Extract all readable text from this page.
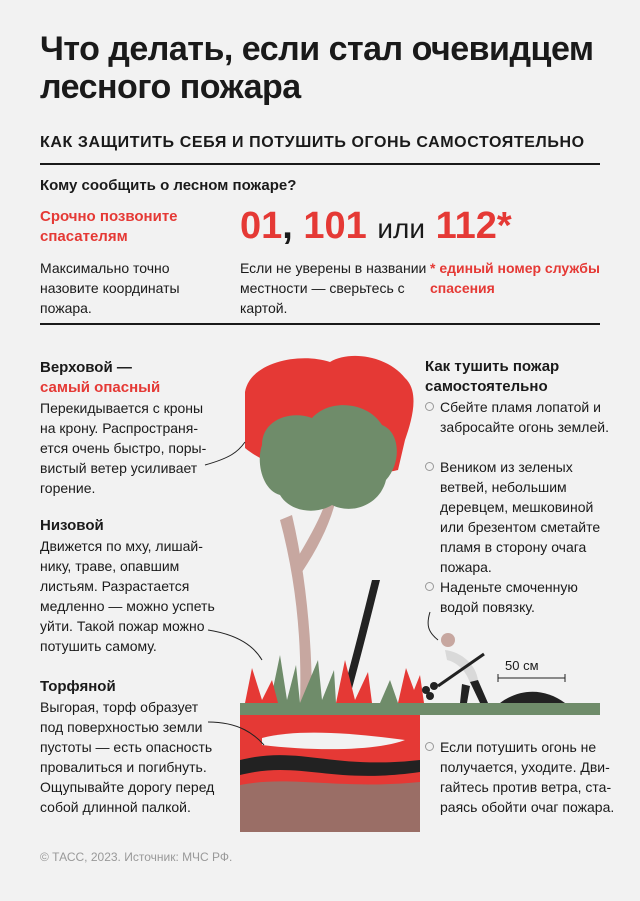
Что делать, если стал очевидцем лесного пожара
КАК ЗАЩИТИТЬ СЕБЯ И ПОТУШИТЬ ОГОНЬ САМОСТОЯТЕЛЬНО
Кому сообщить о лесном пожаре?
Срочно позвоните спасателям	01, 101 или 112*
Максимально точно назовите координаты пожара.
Если не уверены в названии местности — сверьтесь с картой.
* единый номер службы спасения
Верховой —
самый опасный
Перекидывается с кроны на крону. Распространяется очень быстро, порывистый ветер усиливает горение.
Низовой
Движется по мху, лишайнику, траве, опавшим листьям. Разрастается медленно — можно успеть уйти. Такой пожар можно потушить самому.
Торфяной
Выгорая, торф образует под поверхностью земли пустоты — есть опасность провалиться и погибнуть. Ощупывайте дорогу перед собой длинной палкой.
Как тушить пожар самостоятельно
Сбейте пламя лопатой и забросайте огонь землей.
Веником из зеленых ветвей, небольшим деревцем, мешковиной или брезентом сметайте пламя в сторону очага пожара.
Наденьте смоченную водой повязку.
Если потушить огонь не получается, уходите. Двигайтесь против ветра, стараясь обойти очаг пожара.
50 см
© ТАСС, 2023. Источник: МЧС РФ.
